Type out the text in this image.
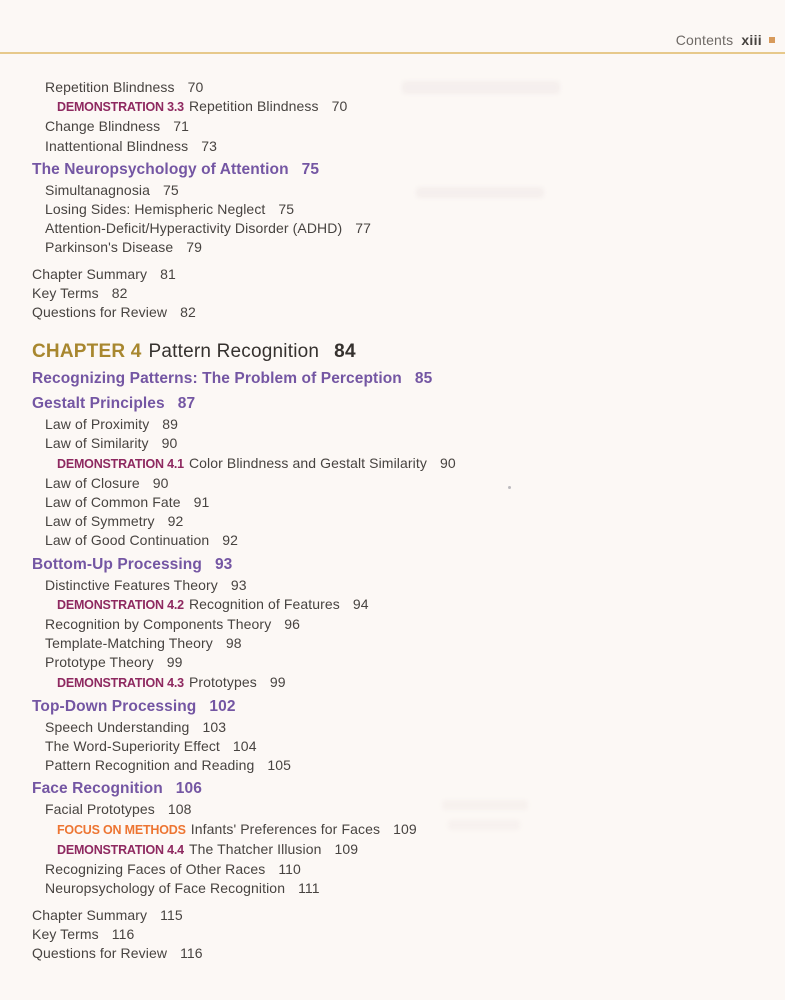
Contents xiii
Repetition Blindness 70
DEMONSTRATION 3.3 Repetition Blindness 70
Change Blindness 71
Inattentional Blindness 73
The Neuropsychology of Attention 75
Simultanagnosia 75
Losing Sides: Hemispheric Neglect 75
Attention-Deficit/Hyperactivity Disorder (ADHD) 77
Parkinson's Disease 79
Chapter Summary 81
Key Terms 82
Questions for Review 82
CHAPTER 4 Pattern Recognition 84
Recognizing Patterns: The Problem of Perception 85
Gestalt Principles 87
Law of Proximity 89
Law of Similarity 90
DEMONSTRATION 4.1 Color Blindness and Gestalt Similarity 90
Law of Closure 90
Law of Common Fate 91
Law of Symmetry 92
Law of Good Continuation 92
Bottom-Up Processing 93
Distinctive Features Theory 93
DEMONSTRATION 4.2 Recognition of Features 94
Recognition by Components Theory 96
Template-Matching Theory 98
Prototype Theory 99
DEMONSTRATION 4.3 Prototypes 99
Top-Down Processing 102
Speech Understanding 103
The Word-Superiority Effect 104
Pattern Recognition and Reading 105
Face Recognition 106
Facial Prototypes 108
FOCUS ON METHODS Infants' Preferences for Faces 109
DEMONSTRATION 4.4 The Thatcher Illusion 109
Recognizing Faces of Other Races 110
Neuropsychology of Face Recognition 111
Chapter Summary 115
Key Terms 116
Questions for Review 116
